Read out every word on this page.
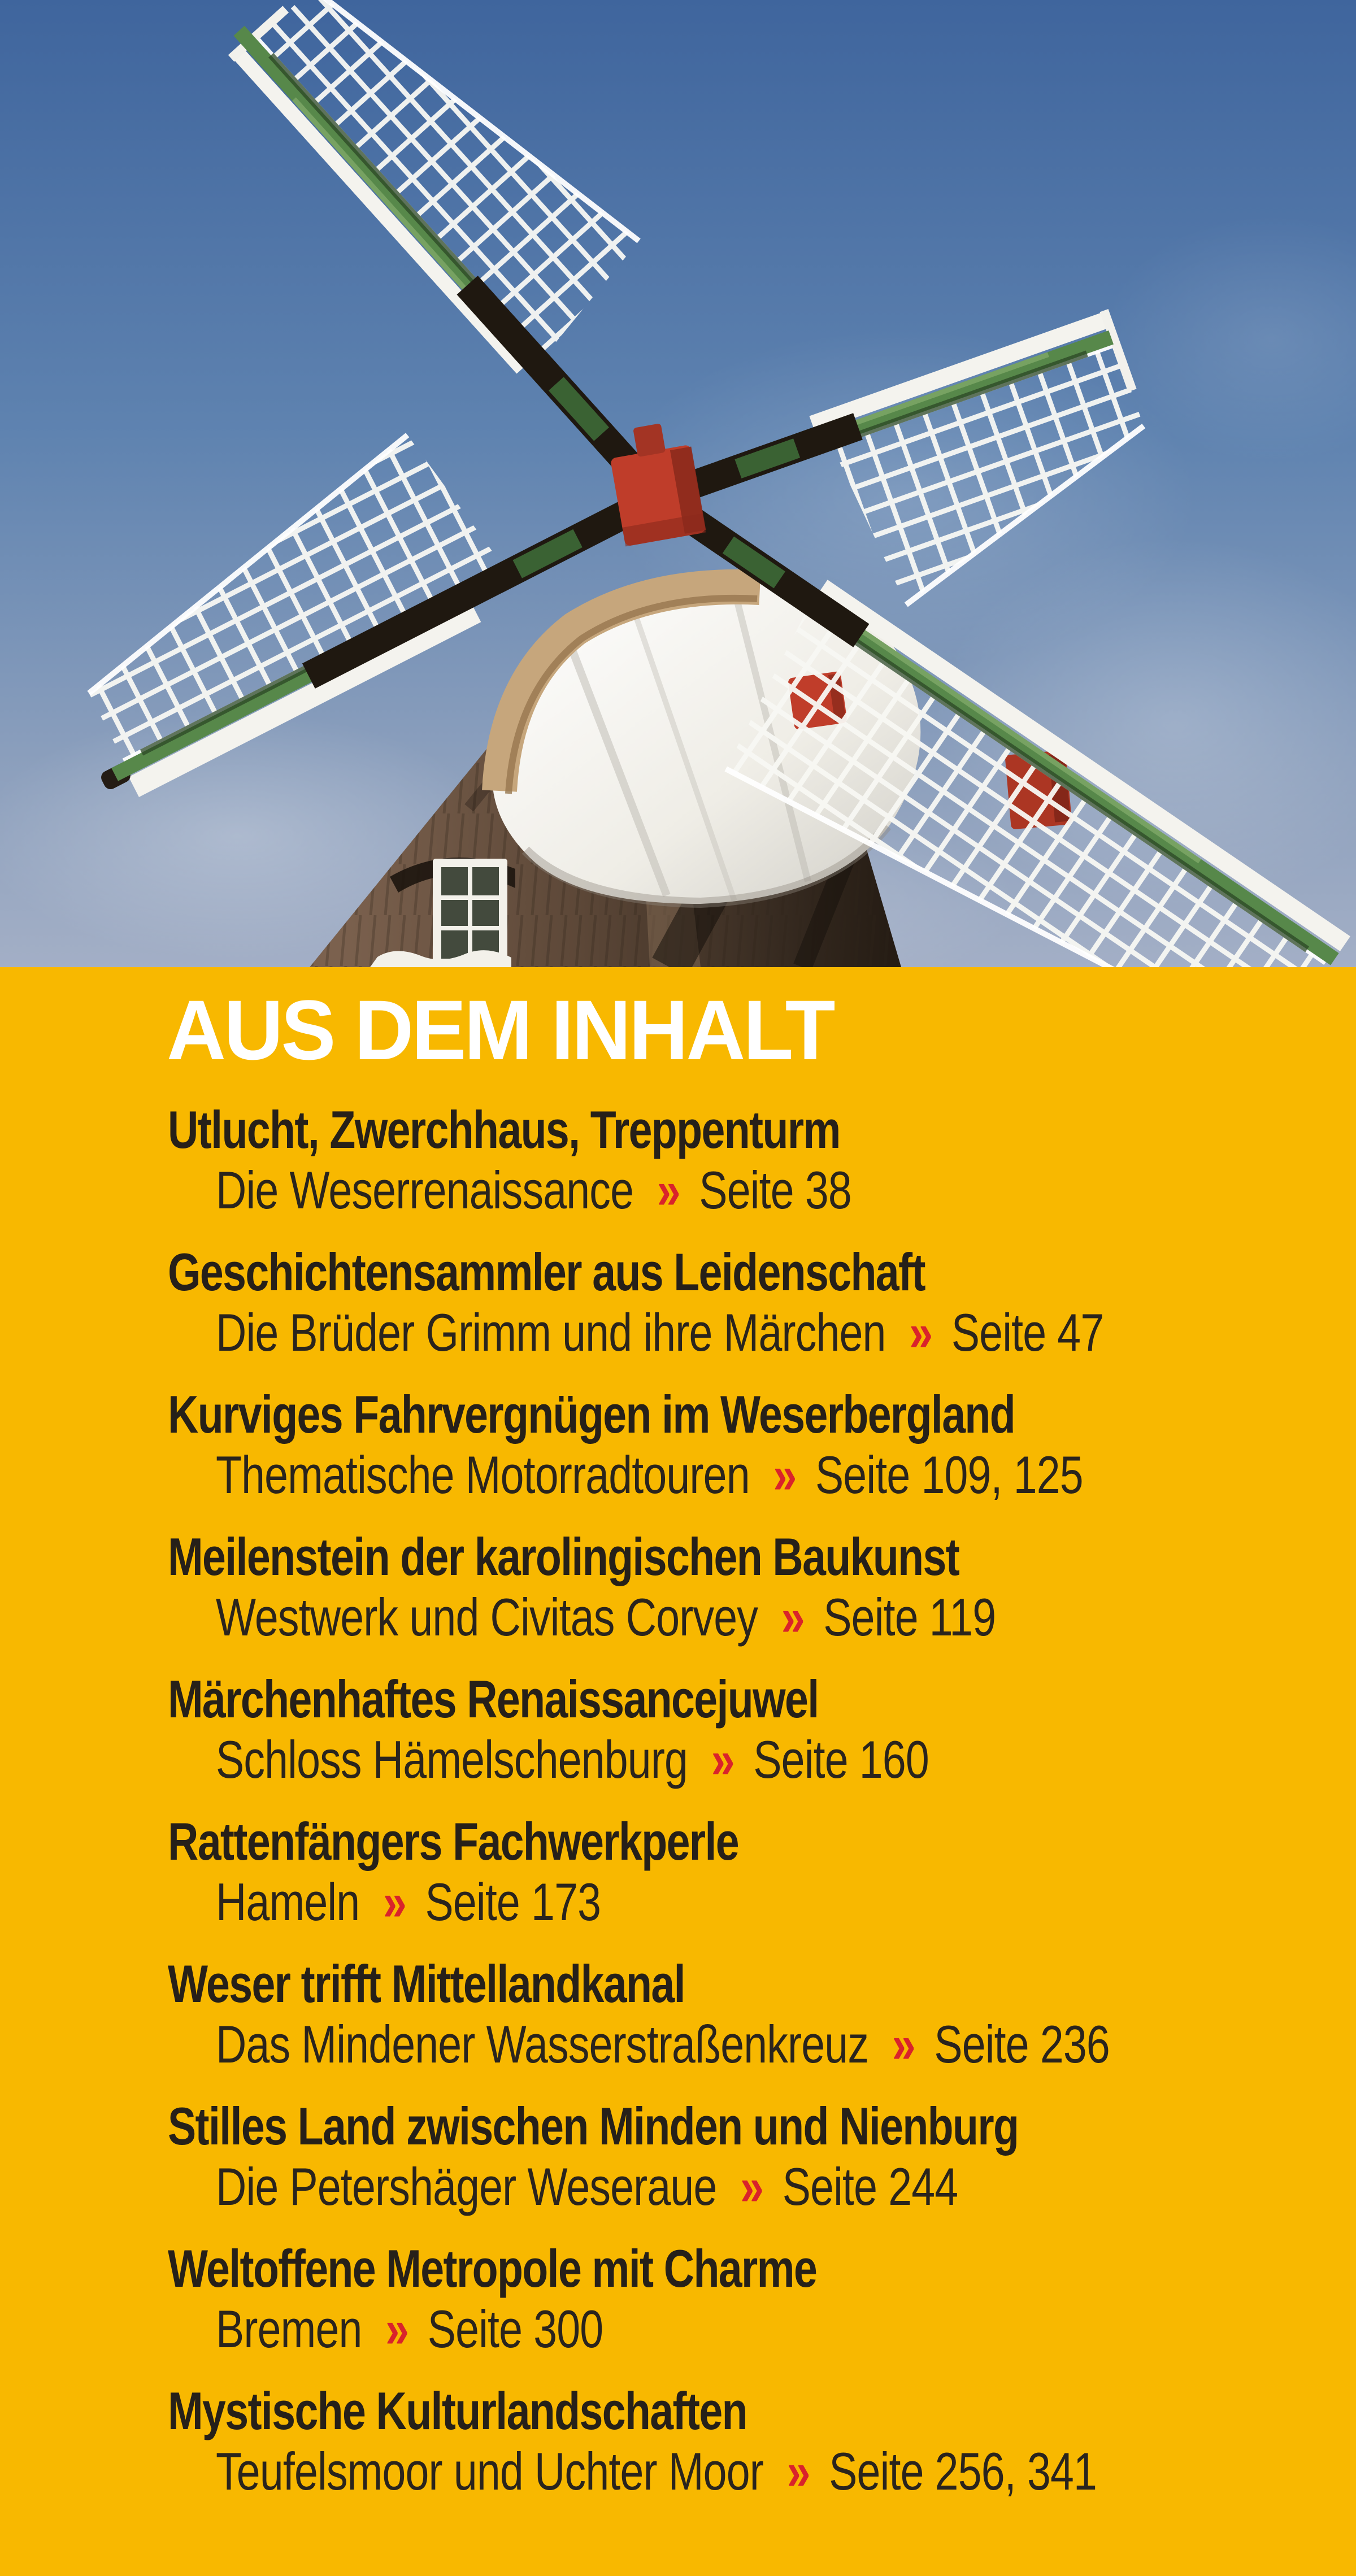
AUS DEM INHALT
Utlucht, Zwerchhaus, Treppenturm
Die Weserrenaissance » Seite 38
Geschichtensammler aus Leidenschaft
Die Brüder Grimm und ihre Märchen » Seite 47
Kurviges Fahrvergnügen im Weserbergland
Thematische Motorradtouren » Seite 109, 125
Meilenstein der karolingischen Baukunst
Westwerk und Civitas Corvey » Seite 119
Märchenhaftes Renaissancejuwel
Schloss Hämelschenburg » Seite 160
Rattenfängers Fachwerkperle
Hameln » Seite 173
Weser trifft Mittellandkanal
Das Mindener Wasserstraßenkreuz » Seite 236
Stilles Land zwischen Minden und Nienburg
Die Petershäger Weseraue » Seite 244
Weltoffene Metropole mit Charme
Bremen » Seite 300
Mystische Kulturlandschaften
Teufelsmoor und Uchter Moor » Seite 256, 341
